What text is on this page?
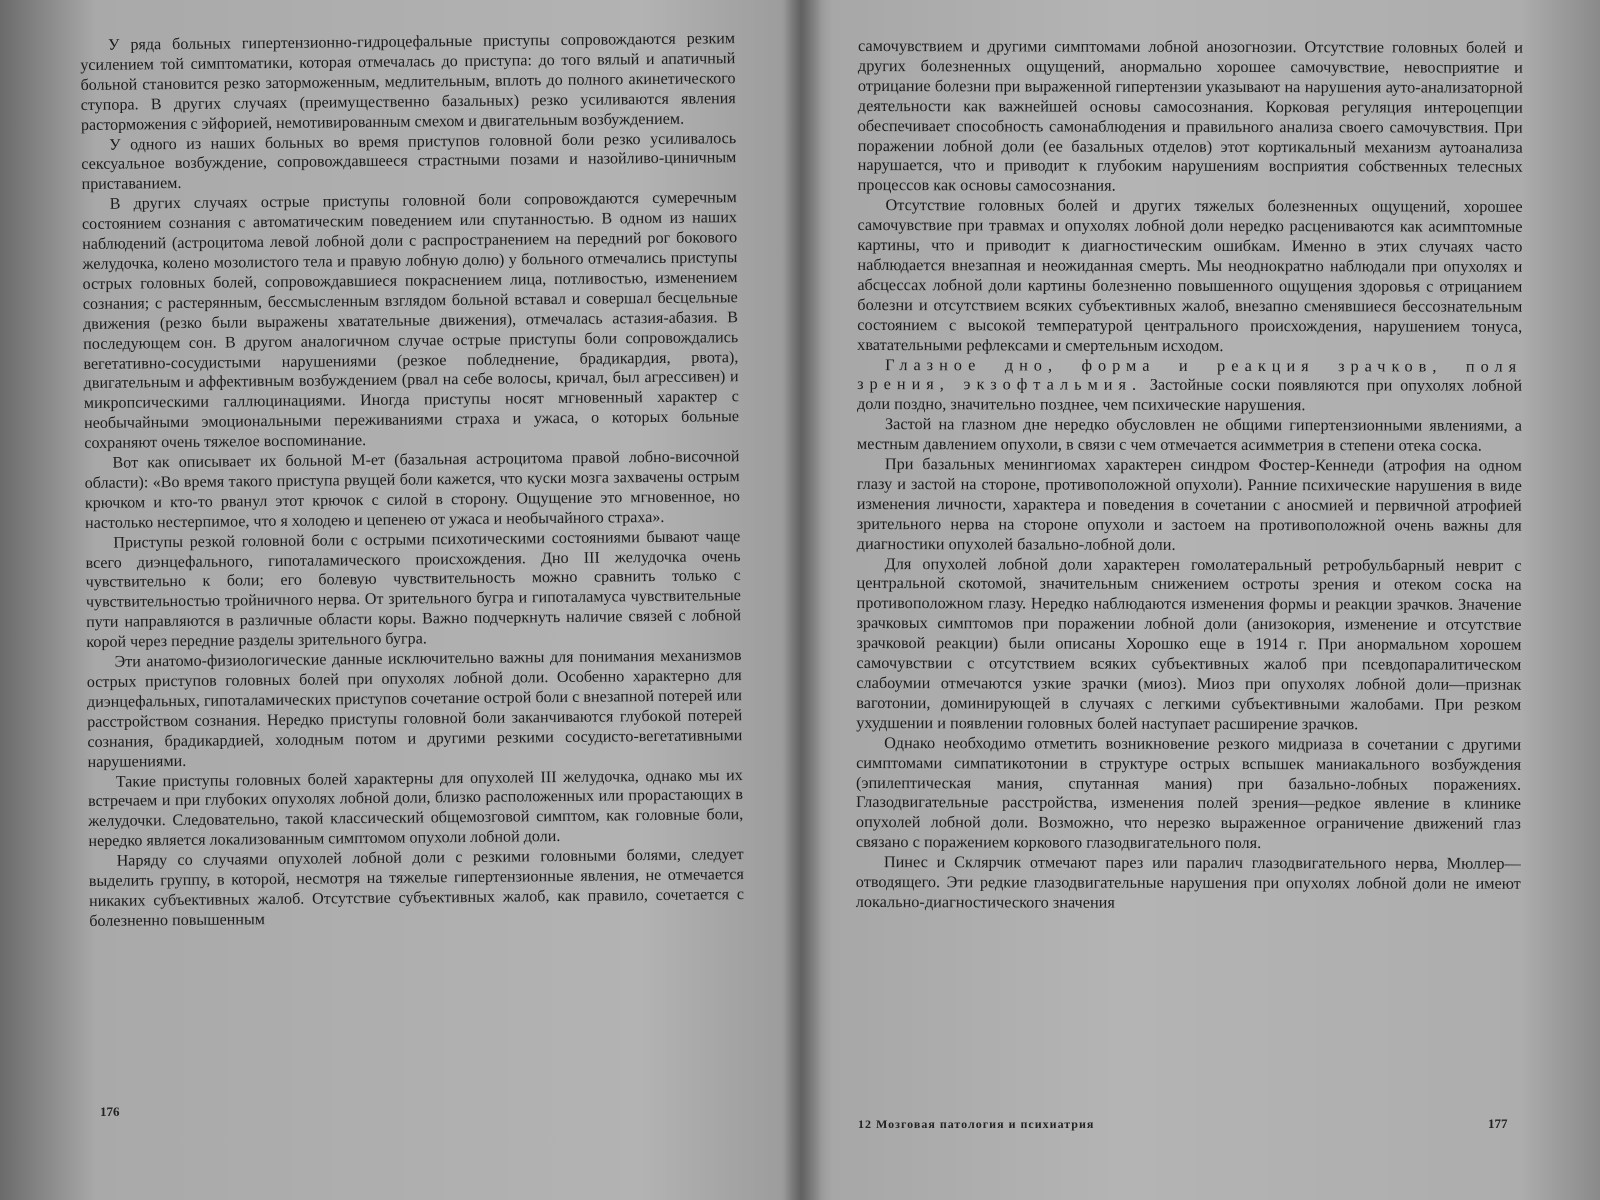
У ряда больных гипертензионно-гидроцефальные приступы сопровождаются резким усилением той симптоматики, которая отмечалась до приступа: до того вялый и апатичный больной становится резко заторможенным, медлительным, вплоть до полного акинетического ступора. В других случаях (преимущественно базальных) резко усиливаются явления расторможения с эйфорией, немотивированным смехом и двигательным возбуждением.

У одного из наших больных во время приступов головной боли резко усиливалось сексуальное возбуждение, сопровождавшееся страстными позами и назойливо-циничным приставанием.

В других случаях острые приступы головной боли сопровождаются сумеречным состоянием сознания с автоматическим поведением или спутанностью. В одном из наших наблюдений (астроцитома левой лобной доли с распространением на передний рог бокового желудочка, колено мозолистого тела и правую лобную долю) у больного отмечались приступы острых головных болей, сопровождавшиеся покраснением лица, потливостью, изменением сознания; с растерянным, бессмысленным взглядом больной вставал и совершал бесцельные движения (резко были выражены хватательные движения), отмечалась астазия-абазия. В последующем сон. В другом аналогичном случае острые приступы боли сопровождались вегетативно-сосудистыми нарушениями (резкое побледнение, брадикардия, рвота), двигательным и аффективным возбуждением (рвал на себе волосы, кричал, был агрессивен) и микропсическими галлюцинациями. Иногда приступы носят мгновенный характер с необычайными эмоциональными переживаниями страха и ужаса, о которых больные сохраняют очень тяжелое воспоминание.

Вот как описывает их больной М-ет (базальная астроцитома правой лобно-височной области): «Во время такого приступа рвущей боли кажется, что куски мозга захвачены острым крючком и кто-то рванул этот крючок с силой в сторону. Ощущение это мгновенное, но настолько нестерпимое, что я холодею и цепенею от ужаса и необычайного страха».

Приступы резкой головной боли с острыми психотическими состояниями бывают чаще всего диэнцефального, гипоталамического происхождения. Дно III желудочка очень чувствительно к боли; его болевую чувствительность можно сравнить только с чувствительностью тройничного нерва. От зрительного бугра и гипоталамуса чувствительные пути направляются в различные области коры. Важно подчеркнуть наличие связей с лобной корой через передние разделы зрительного бугра.

Эти анатомо-физиологические данные исключительно важны для понимания механизмов острых приступов головных болей при опухолях лобной доли. Особенно характерно для диэнцефальных, гипоталамических приступов сочетание острой боли с внезапной потерей или расстройством сознания. Нередко приступы головной боли заканчиваются глубокой потерей сознания, брадикардией, холодным потом и другими резкими сосудисто-вегетативными нарушениями.

Такие приступы головных болей характерны для опухолей III желудочка, однако мы их встречаем и при глубоких опухолях лобной доли, близко расположенных или прорастающих в желудочки. Следовательно, такой классический общемозговой симптом, как головные боли, нередко является локализованным симптомом опухоли лобной доли.

Наряду со случаями опухолей лобной доли с резкими головными болями, следует выделить группу, в которой, несмотря на тяжелые гипертензионные явления, не отмечается никаких субъективных жалоб. Отсутствие субъективных жалоб, как правило, сочетается с болезненно повышенным

176

самочувствием и другими симптомами лобной анозогнозии. Отсутствие головных болей и других болезненных ощущений, анормально хорошее самочувствие, невосприятие и отрицание болезни при выраженной гипертензии указывают на нарушения ауто-анализаторной деятельности как важнейшей основы самосознания. Корковая регуляция интероцепции обеспечивает способность самонаблюдения и правильного анализа своего самочувствия. При поражении лобной доли (ее базальных отделов) этот кортикальный механизм аутоанализа нарушается, что и приводит к глубоким нарушениям восприятия собственных телесных процессов как основы самосознания.

Отсутствие головных болей и других тяжелых болезненных ощущений, хорошее самочувствие при травмах и опухолях лобной доли нередко расцениваются как асимптомные картины, что и приводит к диагностическим ошибкам. Именно в этих случаях часто наблюдается внезапная и неожиданная смерть. Мы неоднократно наблюдали при опухолях и абсцессах лобной доли картины болезненно повышенного ощущения здоровья с отрицанием болезни и отсутствием всяких субъективных жалоб, внезапно сменявшиеся бессознательным состоянием с высокой температурой центрального происхождения, нарушением тонуса, хватательными рефлексами и смертельным исходом.

Глазное дно, форма и реакция зрачков, поля зрения, экзофтальмия. Застойные соски появляются при опухолях лобной доли поздно, значительно позднее, чем психические нарушения.

Застой на глазном дне нередко обусловлен не общими гипертензионными явлениями, а местным давлением опухоли, в связи с чем отмечается асимметрия в степени отека соска.

При базальных менингиомах характерен синдром Фостер-Кеннеди (атрофия на одном глазу и застой на стороне, противоположной опухоли). Ранние психические нарушения в виде изменения личности, характера и поведения в сочетании с аносмией и первичной атрофией зрительного нерва на стороне опухоли и застоем на противоположной очень важны для диагностики опухолей базально-лобной доли.

Для опухолей лобной доли характерен гомолатеральный ретробульбарный неврит с центральной скотомой, значительным снижением остроты зрения и отеком соска на противоположном глазу. Нередко наблюдаются изменения формы и реакции зрачков. Значение зрачковых симптомов при поражении лобной доли (анизокория, изменение и отсутствие зрачковой реакции) были описаны Хорошко еще в 1914 г. При анормальном хорошем самочувствии с отсутствием всяких субъективных жалоб при псевдопаралитическом слабоумии отмечаются узкие зрачки (миоз). Миоз при опухолях лобной доли—признак ваготонии, доминирующей в случаях с легкими субъективными жалобами. При резком ухудшении и появлении головных болей наступает расширение зрачков.

Однако необходимо отметить возникновение резкого мидриаза в сочетании с другими симптомами симпатикотонии в структуре острых вспышек маниакального возбуждения (эпилептическая мания, спутанная мания) при базально-лобных поражениях. Глазодвигательные расстройства, изменения полей зрения—редкое явление в клинике опухолей лобной доли. Возможно, что нерезко выраженное ограничение движений глаз связано с поражением коркового глазодвигательного поля.

Пинес и Склярчик отмечают парез или паралич глазодвигательного нерва, Мюллер—отводящего. Эти редкие глазодвигательные нарушения при опухолях лобной доли не имеют локально-диагностического значения

12 Мозговая патология и психиатрия	177
